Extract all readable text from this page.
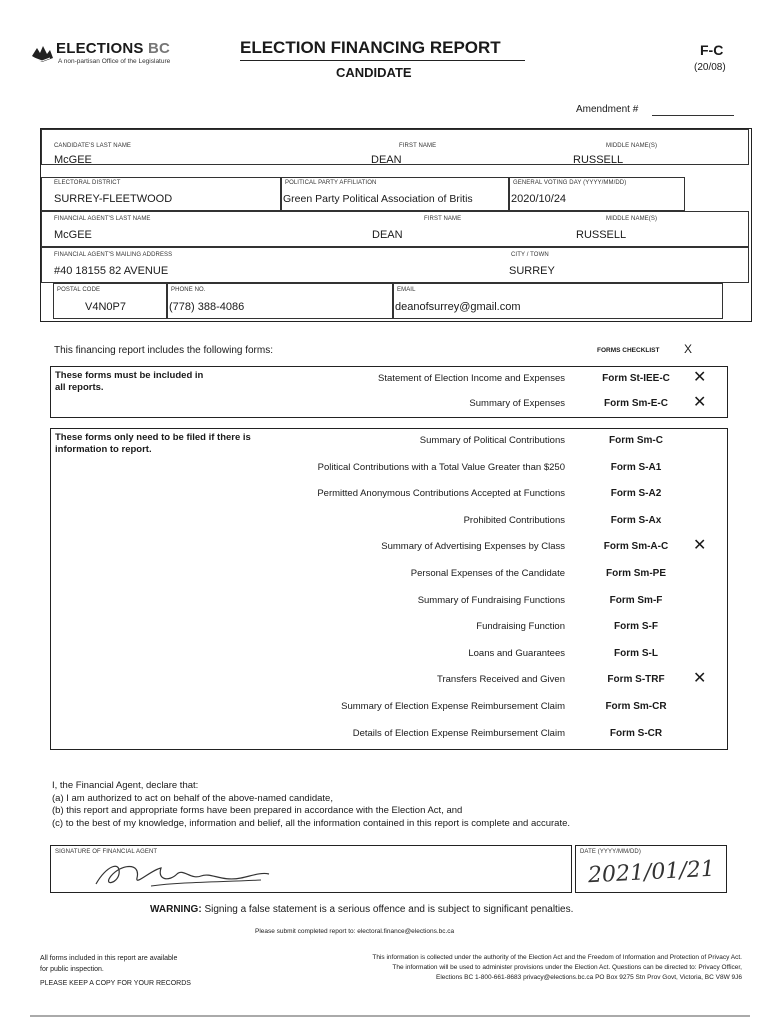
ELECTIONS BC
A non-partisan Office of the Legislature
ELECTION FINANCING REPORT
CANDIDATE
F-C
(20/08)
Amendment #
CANDIDATE'S LAST NAME
McGEE
FIRST NAME
DEAN
MIDDLE NAME(S)
RUSSELL
ELECTORAL DISTRICT
SURREY-FLEETWOOD
POLITICAL PARTY AFFILIATION
Green Party Political Association of Britis
GENERAL VOTING DAY (YYYY/MM/DD)
2020/10/24
FINANCIAL AGENT'S LAST NAME
McGEE
FIRST NAME
DEAN
MIDDLE NAME(S)
RUSSELL
FINANCIAL AGENT'S MAILING ADDRESS
#40 18155 82 AVENUE
CITY / TOWN
SURREY
POSTAL CODE
V4N0P7
PHONE NO.
(778) 388-4086
EMAIL
deanofsurrey@gmail.com
This financing report includes the following forms:	FORMS CHECKLIST X
These forms must be included in all reports.
Statement of Election Income and Expenses	Form St-IEE-C	✕
Summary of Expenses	Form Sm-E-C	✕
These forms only need to be filed if there is information to report.
Summary of Political Contributions	Form Sm-C
Political Contributions with a Total Value Greater than $250	Form S-A1
Permitted Anonymous Contributions Accepted at Functions	Form S-A2
Prohibited Contributions	Form S-Ax
Summary of Advertising Expenses by Class	Form Sm-A-C	✕
Personal Expenses of the Candidate	Form Sm-PE
Summary of Fundraising Functions	Form Sm-F
Fundraising Function	Form S-F
Loans and Guarantees	Form S-L
Transfers Received and Given	Form S-TRF	✕
Summary of Election Expense Reimbursement Claim	Form Sm-CR
Details of Election Expense Reimbursement Claim	Form S-CR
I, the Financial Agent, declare that:
(a) I am authorized to act on behalf of the above-named candidate,
(b) this report and appropriate forms have been prepared in accordance with the Election Act, and
(c) to the best of my knowledge, information and belief, all the information contained in this report is complete and accurate.
SIGNATURE OF FINANCIAL AGENT	DATE (YYYY/MM/DD)
2021/01/21
WARNING: Signing a false statement is a serious offence and is subject to significant penalties.
Please submit completed report to: electoral.finance@elections.bc.ca
All forms included in this report are available
for public inspection.
PLEASE KEEP A COPY FOR YOUR RECORDS
This information is collected under the authority of the Election Act and the Freedom of Information and Protection of Privacy Act.
The information will be used to administer provisions under the Election Act. Questions can be directed to: Privacy Officer,
Elections BC 1-800-661-8683 privacy@elections.bc.ca PO Box 9275 Stn Prov Govt, Victoria, BC V8W 9J6
